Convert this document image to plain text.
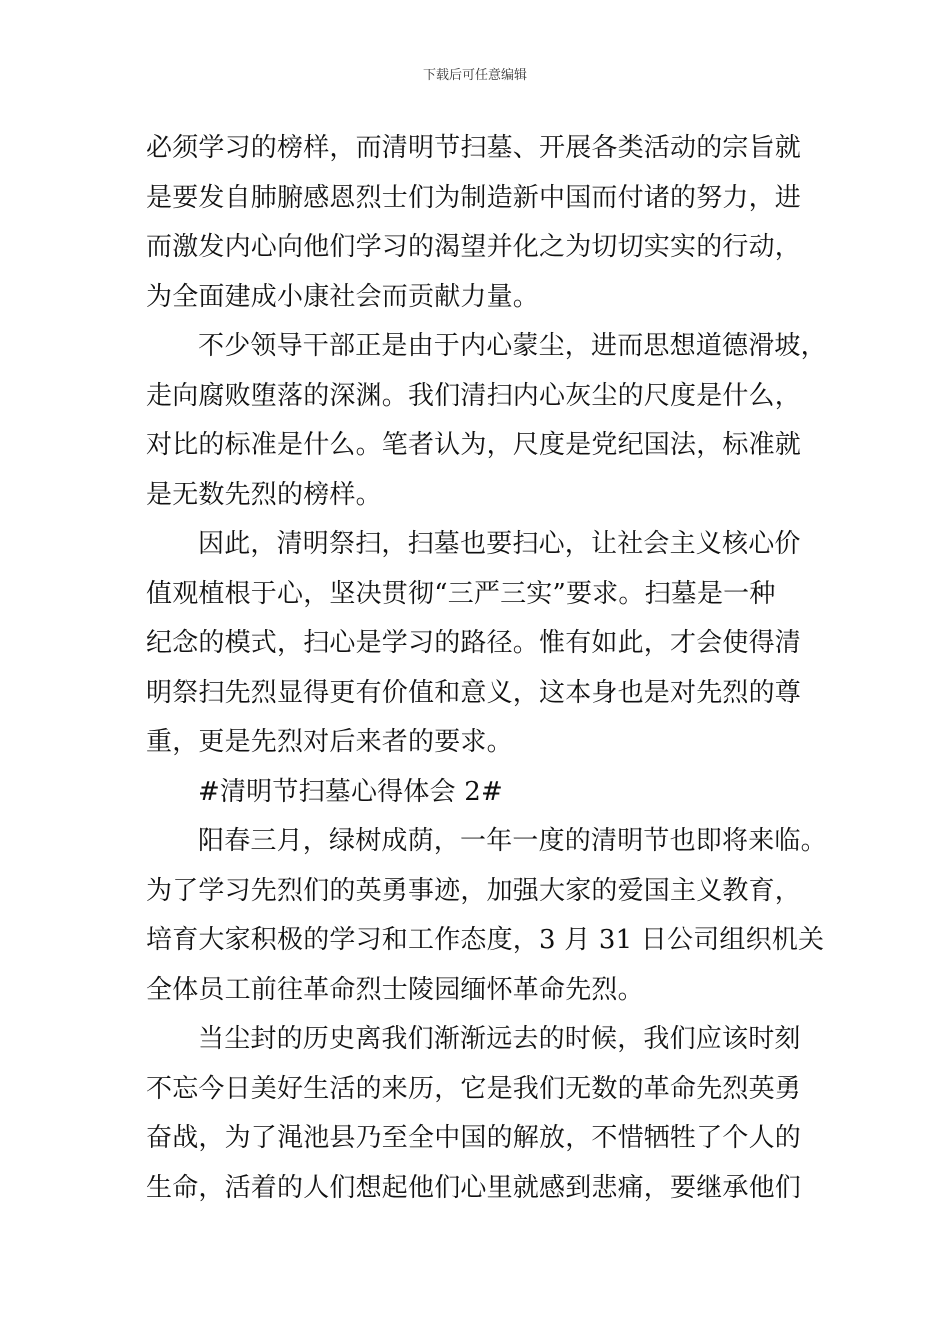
下载后可任意编辑
必须学习的榜样，而清明节扫墓、开展各类活动的宗旨就
是要发自肺腑感恩烈士们为制造新中国而付诸的努力，进
而激发内心向他们学习的渴望并化之为切切实实的行动，
为全面建成小康社会而贡献力量。
不少领导干部正是由于内心蒙尘，进而思想道德滑坡，
走向腐败堕落的深渊。我们清扫内心灰尘的尺度是什么，
对比的标准是什么。笔者认为，尺度是党纪国法，标准就
是无数先烈的榜样。
因此，清明祭扫，扫墓也要扫心，让社会主义核心价
值观植根于心，坚决贯彻“三严三实”要求。扫墓是一种
纪念的模式，扫心是学习的路径。惟有如此，才会使得清
明祭扫先烈显得更有价值和意义，这本身也是对先烈的尊
重，更是先烈对后来者的要求。
#清明节扫墓心得体会 2#
阳春三月，绿树成荫，一年一度的清明节也即将来临。
为了学习先烈们的英勇事迹，加强大家的爱国主义教育，
培育大家积极的学习和工作态度，3 月 31 日公司组织机关
全体员工前往革命烈士陵园缅怀革命先烈。
当尘封的历史离我们渐渐远去的时候，我们应该时刻
不忘今日美好生活的来历，它是我们无数的革命先烈英勇
奋战，为了渑池县乃至全中国的解放，不惜牺牲了个人的
生命，活着的人们想起他们心里就感到悲痛，要继承他们
